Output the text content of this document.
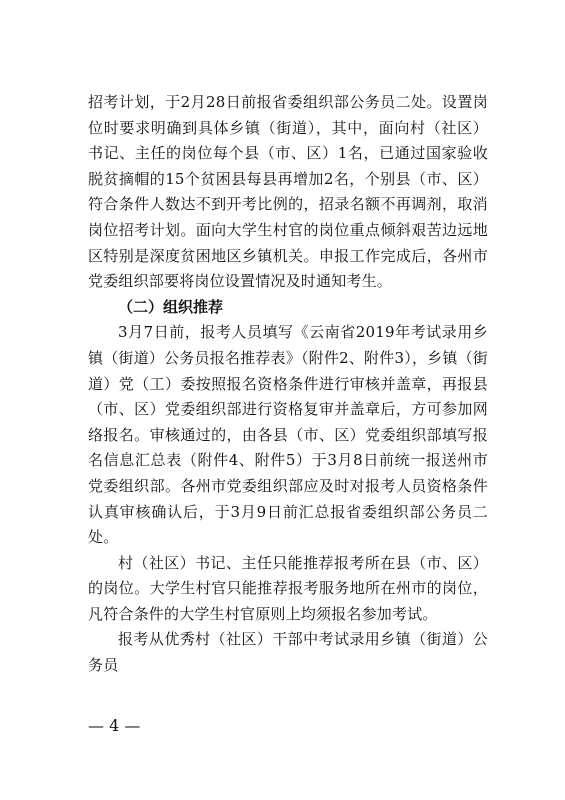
招考计划，于2月28日前报省委组织部公务员二处。设置岗位时要求明确到具体乡镇（街道），其中，面向村（社区）书记、主任的岗位每个县（市、区）1名，已通过国家验收脱贫摘帽的15个贫困县每县再增加2名，个别县（市、区）符合条件人数达不到开考比例的，招录名额不再调剂，取消岗位招考计划。面向大学生村官的岗位重点倾斜艰苦边远地区特别是深度贫困地区乡镇机关。申报工作完成后，各州市党委组织部要将岗位设置情况及时通知考生。

（二）组织推荐

3月7日前，报考人员填写《云南省2019年考试录用乡镇（街道）公务员报名推荐表》（附件2、附件3），乡镇（街道）党（工）委按照报名资格条件进行审核并盖章，再报县（市、区）党委组织部进行资格复审并盖章后，方可参加网络报名。审核通过的，由各县（市、区）党委组织部填写报名信息汇总表（附件4、附件5）于3月8日前统一报送州市党委组织部。各州市党委组织部应及时对报考人员资格条件认真审核确认后，于3月9日前汇总报省委组织部公务员二处。

村（社区）书记、主任只能推荐报考所在县（市、区）的岗位。大学生村官只能推荐报考服务地所在州市的岗位，凡符合条件的大学生村官原则上均须报名参加考试。

报考从优秀村（社区）干部中考试录用乡镇（街道）公务员

— 4 —
